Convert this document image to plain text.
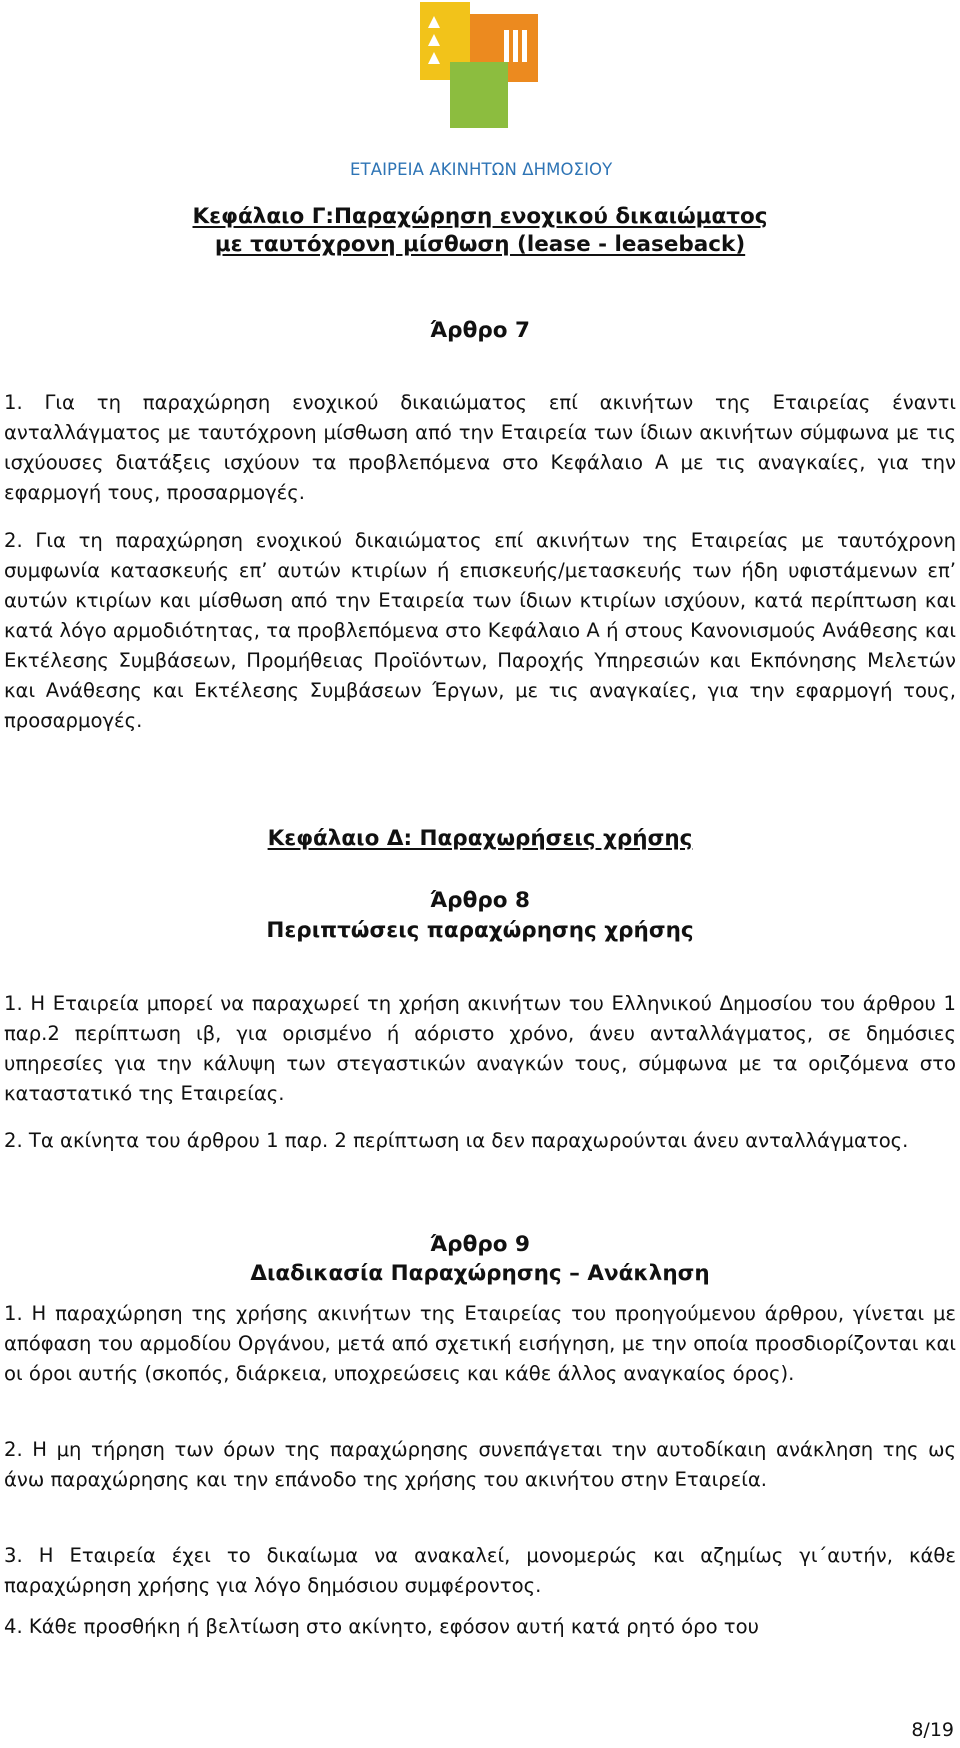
ΕΤΑΙΡΕΙΑ ΑΚΙΝΗΤΩΝ ΔΗΜΟΣΙΟΥ
Κεφάλαιο Γ:Παραχώρηση ενοχικού δικαιώματος
με ταυτόχρονη μίσθωση (lease - leaseback)
Άρθρο 7

1. Για τη παραχώρηση ενοχικού δικαιώματος επί ακινήτων της Εταιρείας έναντι ανταλλάγματος με ταυτόχρονη μίσθωση από την Εταιρεία των ίδιων ακινήτων σύμφωνα με τις ισχύουσες διατάξεις ισχύουν τα προβλεπόμενα στο Κεφάλαιο Α με τις αναγκαίες, για την εφαρμογή τους, προσαρμογές.

2. Για τη παραχώρηση ενοχικού δικαιώματος επί ακινήτων της Εταιρείας με ταυτόχρονη συμφωνία κατασκευής επ’ αυτών κτιρίων ή επισκευής/μετασκευής των ήδη υφιστάμενων επ’ αυτών κτιρίων και μίσθωση από την Εταιρεία των ίδιων κτιρίων ισχύουν, κατά περίπτωση και κατά λόγο αρμοδιότητας, τα προβλεπόμενα στο Κεφάλαιο Α ή στους Κανονισμούς Ανάθεσης και Εκτέλεσης Συμβάσεων, Προμήθειας Προϊόντων, Παροχής Υπηρεσιών και Εκπόνησης Μελετών και Ανάθεσης και Εκτέλεσης Συμβάσεων Έργων, με τις αναγκαίες, για την εφαρμογή τους, προσαρμογές.

Κεφάλαιο Δ: Παραχωρήσεις χρήσης
Άρθρο 8
Περιπτώσεις παραχώρησης χρήσης

1. Η Εταιρεία μπορεί να παραχωρεί τη χρήση ακινήτων του Ελληνικού Δημοσίου του άρθρου 1 παρ.2 περίπτωση ιβ, για ορισμένο ή αόριστο χρόνο, άνευ ανταλλάγματος, σε δημόσιες υπηρεσίες για την κάλυψη των στεγαστικών αναγκών τους, σύμφωνα με τα οριζόμενα στο καταστατικό της Εταιρείας.

2. Τα ακίνητα του άρθρου 1 παρ. 2 περίπτωση ια δεν παραχωρούνται άνευ ανταλλάγματος.

Άρθρο 9
Διαδικασία Παραχώρησης – Ανάκληση

1. Η παραχώρηση της χρήσης ακινήτων της Εταιρείας του προηγούμενου άρθρου, γίνεται με απόφαση του αρμοδίου Οργάνου, μετά από σχετική εισήγηση, με την οποία προσδιορίζονται και οι όροι αυτής (σκοπός, διάρκεια, υποχρεώσεις και κάθε άλλος αναγκαίος όρος).

2. Η μη τήρηση των όρων της παραχώρησης συνεπάγεται την αυτοδίκαιη ανάκληση της ως άνω παραχώρησης και την επάνοδο της χρήσης του ακινήτου στην Εταιρεία.

3. Η Εταιρεία έχει το δικαίωμα να ανακαλεί, μονομερώς και αζημίως γι΄αυτήν, κάθε παραχώρηση χρήσης για λόγο δημόσιου συμφέροντος.

4. Κάθε προσθήκη ή βελτίωση στο ακίνητο, εφόσον αυτή κατά ρητό όρο του

8/19
